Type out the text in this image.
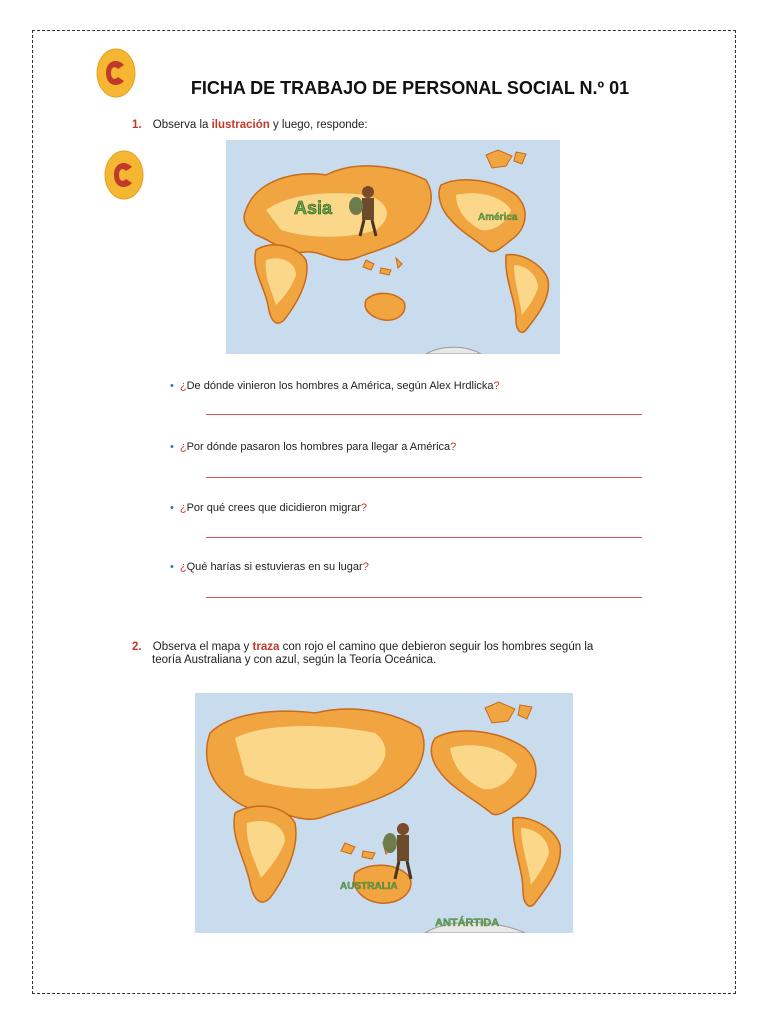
FICHA DE TRABAJO DE PERSONAL SOCIAL N.º 01
1. Observa la ilustración y luego, responde:
Asia	América
• ¿De dónde vinieron los hombres a América, según Alex Hrdlicka?
• ¿Por dónde pasaron los hombres para llegar a América?
• ¿Por qué crees que dicidieron migrar?
• ¿Qué harías si estuvieras en su lugar?
2. Observa el mapa y traza con rojo el camino que debieron seguir los hombres según la
teoría Australiana y con azul, según la Teoría Oceánica.
AUSTRALIA
ANTÁRTIDA
